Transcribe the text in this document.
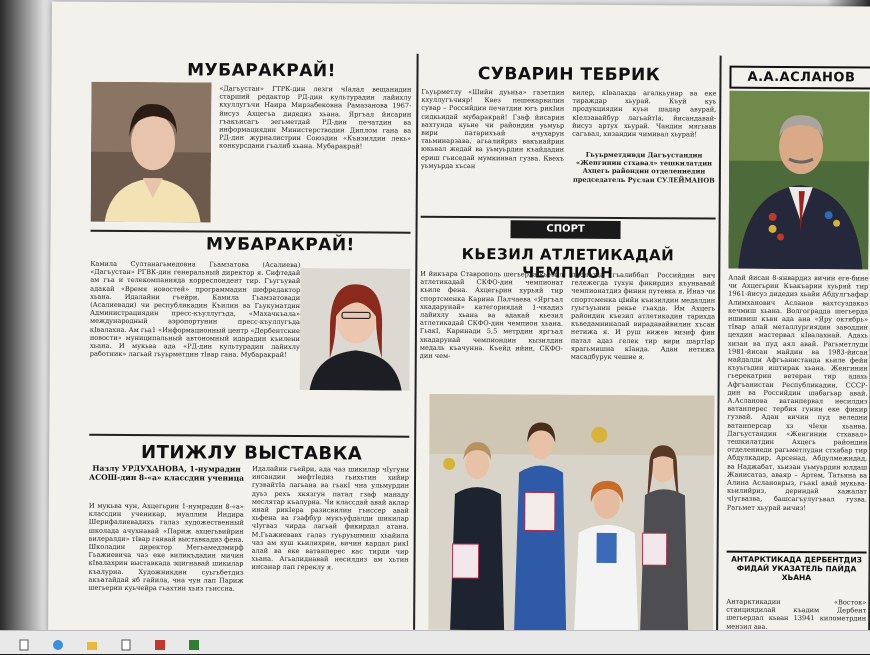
МУБАРАКРАЙ!
«Дагъустан» ГТРК-дин лезги чIалал вещанидин старший редактор РД-дин культурадин лайихлу кхуллугъчи Наира Мирзабековна Рамазанова 1967-йисуз Ахцегъа дидедиз хьана. Яргъал йисарин гъакъисагъ зегьметдай РД-дин печатдин ва информациядин Министерстводин Диплом гана ва РД-дин журналистрин Союздин «Къизилдин лекь» конкурсдани гъалиб хьана. Мубаракрай!
МУБАРАКРАЙ!
Камила Султанагьмедовна Гьамзатова (Асалиева) «Дагъустан» РГВК-дин генеральный директор я. Сифтедай ам гъа и телекомпанияда корреспондент тир. Гъугъувай адакай «Время новостей» программадин шефредактор хьана. Идалайни гъейри, Камила Гьамзатовади (Асалиевади) чи республикадин Къилин ва Гьукуматдин Администрациядин пресс-къуллугъда, «Махачкъала» международный аэропортунин пресс-къуллугъда кIвалахна. Ам гьа1 «Информационный центр «Дербентские новости» муниципальный автономный идарадин къилени хьана. И мукьва ада «РД-дин культурадин лайихлу работник» лагьай гьуьрметдин тIвар гана. Мубаракрай!
ИТИЖЛУ ВЫСТАВКА
Назлу УРДУХАНОВА, 1-нумрадин АСОШ-дин 8-«а» классдин ученица
И мукьва чун, Ахцегьрин 1-нумрадин 8-«а» классдин ученикар, муаллим Индира Шерифалиевадихъ галаз художественный школада ачухнавай «Париж ахцегьвийрин вилералди» тIвар ганвай выставкадиз фена. Школадин директор Мегьамедэмирф Гьажиевича чаз екe виликъдадин мичин кIвалахрин выставкада эцигнавай шикилар къалурна. Художникдин суьгьбетдиз акъатайдай яб гайила, чна чун лап Париж шегьерин куьчейра гьахтин хьиз гьиссна.
Идалайни гъейри, ада чаз шикилар чIугуни инсандин мефтIедиз гьихьтин хийир гузвайтIа лагьана ва гьакI чна ульмурдин дуьз рехъ хкязгун патал гзаф манаду меслятар къалурна. Чи классдай авай аклар инай рикIера разисвилин гьиссер авай хьфена ва гзафбур мукъуфдалди шикилар чIугваз чирда лагьай фикирдал атана. М.Гьажиевавх галаз гуьруьшмиш хьайила чаз ам хуш кьилихрин, вичин кардал рикI алай ва еке ватанперес кас тирди чир хьана. Агьалиднавай несилдиз ам хьтин инсанар лап гереклу я.
СУВАРИН ТЕБРИК
Гьуьрметлу «Шийн дуьньа» газетдин кхуллугъчияр! Квез пешекарвилин сувар – Российдин печатдин югъ рикIин сидкьидай мубаракрай! Гзаф йисарин вахтунда куьне чи райондин уьмуьр вири патарихъай ачухарун таьминарзава, агьалийриз вакъиайрин юкьвал жедай ва уьмуьрдин къайдадин ериш гъиседай мумкинвал гузва. Квехъ уьмуьрда хъсан
вилер, кIвалахда агалкьунар ва еке тираждар хьурай. Къуй куь продукциядин куьн шадар авурай, кIелзавайбур лагьайтIа, йисандавай-йисуз артух хьурай. Чандин мягьвав сагъвал, хизандин чимивал хьурай!
Гьуьрметдивди Дагъустандин «Женгинин стхавал» тешкилатдин Ахцегь райондин отделениедин председатель Руслан СУЛЕЙМАНОВ
СПОРТ
КЬЕЗИЛ АТЛЕТИКАДАЙ ЧЕМПИОН
И йикъара Ставрополь шегьерда кьезил атлетикадай СКФО-дин чемпионат кьиле фена. Ахцегьрин хурьяй тир спортсменка Карина Палчаева «Яргъал хкадарунай» категориядай 1-чкадиз лайихлу хьана ва адакай кьезил атлетикадай СКФО-дин чемпион хьана. ГьакI, Каринади 5,5 метрдин яргъал хкадарунай чемпиондин кызилдин медаль къачунна. Къейд ийин, СКФО-дин чем-
пионатда гъалиббал Российдин вич гележегда тухун фикирдиз къунвавай чемпионатдиз финин путевка я. Инаэ чи спортсменка цIийи къизилдин медалдин гуьгъуьнин рекье гьахда. Им Ахцегь райондин къезил атлетикадин тарихда къведамниналай вирадавайвилин хъсан нетижа я. И руш вижев визиф фин патал адаз гелек тир вири шартIар ярагьмишна кIанда. Адан нетижа масадбурук чешне я.
А.А.АСЛАНОВ
Алай йисан 8-январдиз вичин еге-бине чи Ахцегьрин Къакъарин хуьряй тир 1961-йисуз дидедиз хьайи Абдулгъафар Алимханович Асланов вахтсуздаказ кечмиш хьана. Волгоградда шегьерда ишивиш къвн ада ана «Яру октябрь» тIвар алай металлургиядин заводдин цехдин мастервал кIвалахнай. Адахь хизан ва пуд аял авай. Рагьметлуди 1981-йисан майдин ва 1983-йисан майдалди Афгъанистанда кьиле фейи къуьгьдин иштирак хьана. Женгинин гьерекатрин ветеран тир адахь Афгъанистан Республикадин, СССР-дин ва Российдин шабагьар авай. А.Асланова ватанпервал несилдиз ватанперес тербия гунин еке фикир гузвай. Адан вичин пуд веледни ватанперсар хз чIехи хьанва. Дагъустандин «Женгинин стхавал» тешкилатдин Ахцегь райондин отделениеди рагьметлудан стхабар тир Абдулкадир, Арсенад, Абдулмежидад, ва Наджабат, хьизан уьмуьрдин юлдаш Жанисатаз, аваяр – Артем, Татьяна ва Алина Аслановрыз, гъакI авай мукьва-кьилийриз, дериндай хажалат чIугвазва, башсагъулугъвал гузва. Рагьмет хьурай вичиз!
АНТАРКТИКАДА ДЕРБЕНТДИЗ ФИДАЙ УКАЗАТЕЛЬ ПАЙДА ХЬАНА
Антарктикадин «Восток» станциядилай къадим Дербент шегьердал кьван 13941 километрдин мензил ава.
